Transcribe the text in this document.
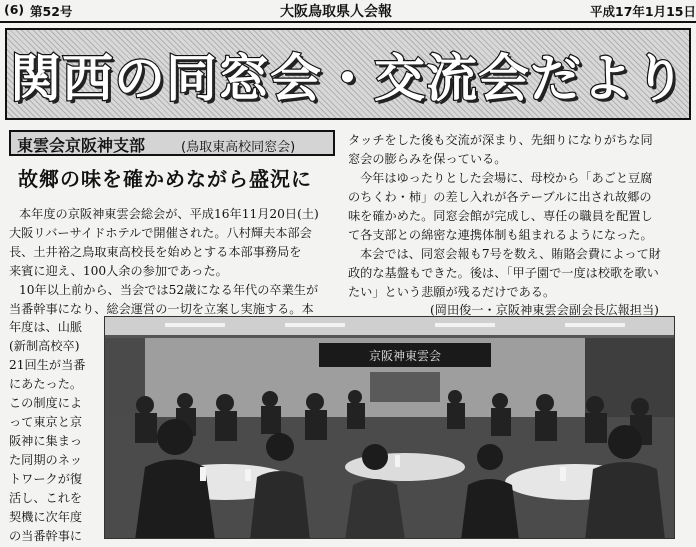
(6) 第52号	大阪鳥取県人会報	平成17年1月15日
関西の同窓会・交流会だより
東雲会京阪神支部	(鳥取東高校同窓会)
故郷の味を確かめながら盛況に
本年度の京阪神東雲会総会が、平成16年11月20日(土)
大阪リバーサイドホテルで開催された。八村輝夫本部会
長、土井裕之鳥取東高校長を始めとする本部事務局を
来賓に迎え、100人余の参加であった。
10年以上前から、当会では52歳になる年代の卒業生が
当番幹事になり、総会運営の一切を立案し実施する。本
年度は、山脈
(新制高校卒)
21回生が当番
にあたった。
この制度によ
って東京と京
阪神に集まっ
た同期のネッ
トワークが復
活し、これを
契機に次年度
の当番幹事に
タッチをした後も交流が深まり、先細りになりがちな同
窓会の膨らみを保っている。
今年はゆったりとした会場に、母校から「あごと豆腐
のちくわ・柿」の差し入れが各テーブルに出され故郷の
味を確かめた。同窓会館が完成し、専任の職員を配置し
て各支部との綿密な連携体制も組まれるようになった。
本会では、同窓会報も7号を数え、賄賂会費によって財
政的な基盤もできた。後は、「甲子園で一度は校歌を歌い
たい」という悲願が残るだけである。
(岡田俊一・京阪神東雲会副会長広報担当)
京阪神東雲会
